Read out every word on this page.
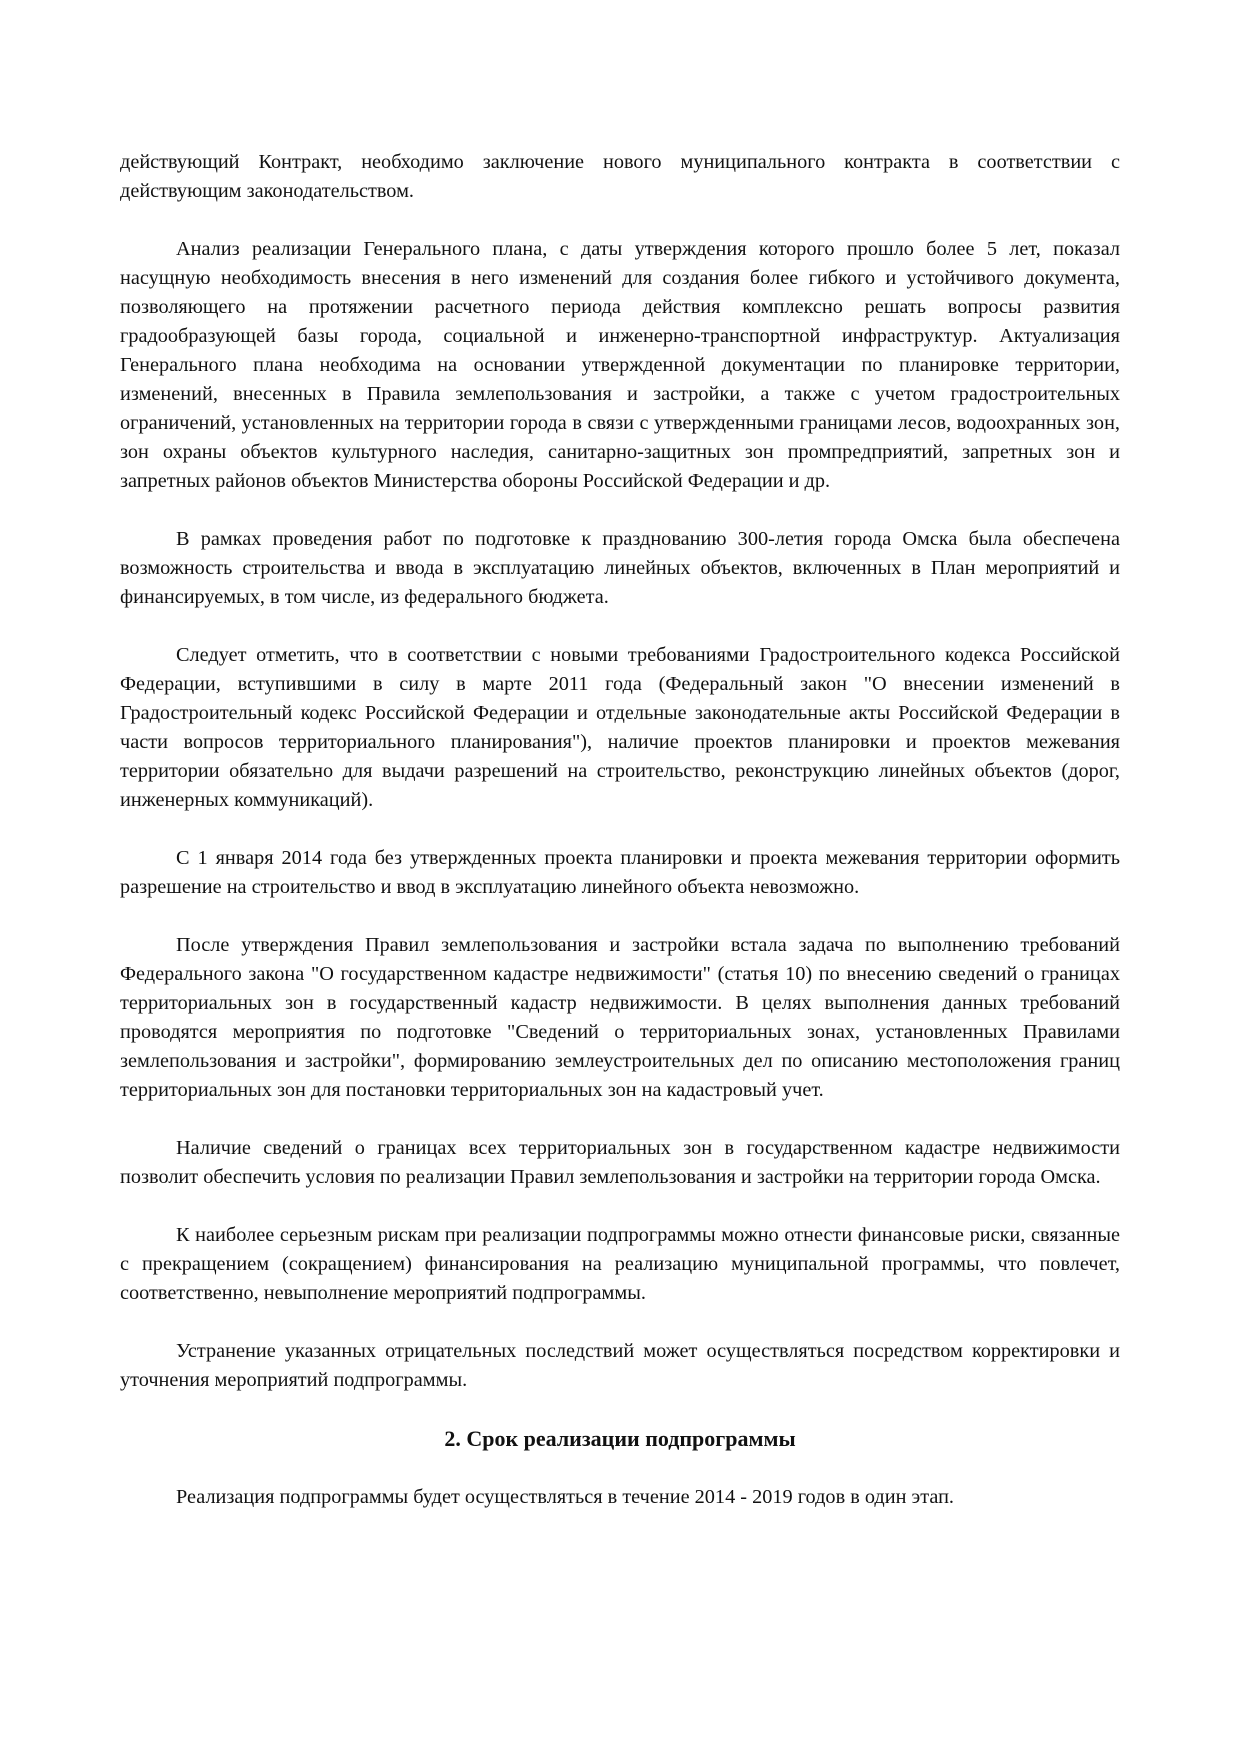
действующий Контракт, необходимо заключение нового муниципального контракта в соответствии с действующим законодательством.

Анализ реализации Генерального плана, с даты утверждения которого прошло более 5 лет, показал насущную необходимость внесения в него изменений для создания более гибкого и устойчивого документа, позволяющего на протяжении расчетного периода действия комплексно решать вопросы развития градообразующей базы города, социальной и инженерно-транспортной инфраструктур. Актуализация Генерального плана необходима на основании утвержденной документации по планировке территории, изменений, внесенных в Правила землепользования и застройки, а также с учетом градостроительных ограничений, установленных на территории города в связи с утвержденными границами лесов, водоохранных зон, зон охраны объектов культурного наследия, санитарно-защитных зон промпредприятий, запретных зон и запретных районов объектов Министерства обороны Российской Федерации и др.

В рамках проведения работ по подготовке к празднованию 300-летия города Омска была обеспечена возможность строительства и ввода в эксплуатацию линейных объектов, включенных в План мероприятий и финансируемых, в том числе, из федерального бюджета.

Следует отметить, что в соответствии с новыми требованиями Градостроительного кодекса Российской Федерации, вступившими в силу в марте 2011 года (Федеральный закон "О внесении изменений в Градостроительный кодекс Российской Федерации и отдельные законодательные акты Российской Федерации в части вопросов территориального планирования"), наличие проектов планировки и проектов межевания территории обязательно для выдачи разрешений на строительство, реконструкцию линейных объектов (дорог, инженерных коммуникаций).

С 1 января 2014 года без утвержденных проекта планировки и проекта межевания территории оформить разрешение на строительство и ввод в эксплуатацию линейного объекта невозможно.

После утверждения Правил землепользования и застройки встала задача по выполнению требований Федерального закона "О государственном кадастре недвижимости" (статья 10) по внесению сведений о границах территориальных зон в государственный кадастр недвижимости. В целях выполнения данных требований проводятся мероприятия по подготовке "Сведений о территориальных зонах, установленных Правилами землепользования и застройки", формированию землеустроительных дел по описанию местоположения границ территориальных зон для постановки территориальных зон на кадастровый учет.

Наличие сведений о границах всех территориальных зон в государственном кадастре недвижимости позволит обеспечить условия по реализации Правил землепользования и застройки на территории города Омска.

К наиболее серьезным рискам при реализации подпрограммы можно отнести финансовые риски, связанные с прекращением (сокращением) финансирования на реализацию муниципальной программы, что повлечет, соответственно, невыполнение мероприятий подпрограммы.

Устранение указанных отрицательных последствий может осуществляться посредством корректировки и уточнения мероприятий подпрограммы.

2. Срок реализации подпрограммы

Реализация подпрограммы будет осуществляться в течение 2014 - 2019 годов в один этап.
